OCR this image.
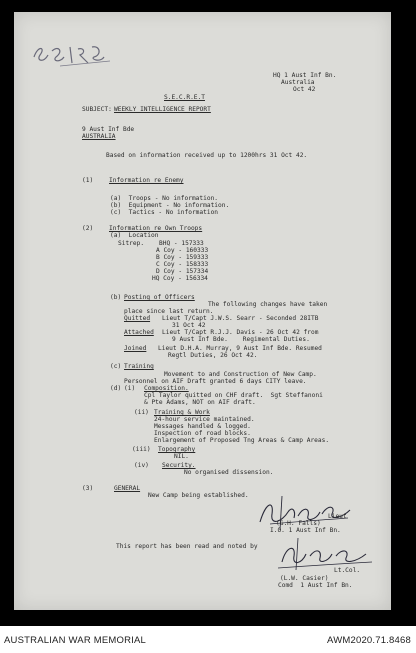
HQ 1 Aust Inf Bn.
Australia
Oct 42
S.E.C.R.E.T
SUBJECT: WEEKLY INTELLIGENCE REPORT
9 Aust Inf Bde
AUSTRALIA
Based on information received up to 1200hrs 31 Oct 42.
(1)	Information re Enemy
(a)  Troops - No information.
(b)  Equipment - No information.
(c)  Tactics - No information
(2)	Information re Own Troops
(a)  Location
Sitrep. BHQ - 157333
A Coy - 160333
B Coy - 159333
C Coy - 158333
D Coy - 157334
HQ Coy - 156334
(b) Posting of Officers
The following changes have taken
place since last return.
Quitted Lieut T/Capt J.W.S. Searr - Seconded 28ITB
31 Oct 42
Attached Lieut T/Capt R.J.J. Davis - 26 Oct 42 from
9 Aust Inf Bde.    Regimental Duties.
Joined Lieut D.H.A. Murray, 9 Aust Inf Bde. Resumed
Regtl Duties, 26 Oct 42.
(c) Training
Movement to and Construction of New Camp.
Personnel on AIF Draft granted 6 days CITY leave.
(d) (i) Composition.
Cpl Taylor quitted on CHF draft.  Sgt Steffanoni
& Pte Adams, NOT on AIF draft.
(ii) Training & Work
24-hour service maintained.
Messages handled & logged.
Inspection of road blocks.
Enlargement of Proposed Tng Areas & Camp Areas.
(iii) Topography
NIL.
(iv) Security.
No organised dissension.
(3)	GENERAL
New Camp being established.
Lieut
(G.H. Falls)
I.O. 1 Aust Inf Bn.
This report has been read and noted by
Lt.Col.
(L.W. Casier)
Comd  1 Aust Inf Bn.
AUSTRALIAN WAR MEMORIAL	AWM2020.71.8468
